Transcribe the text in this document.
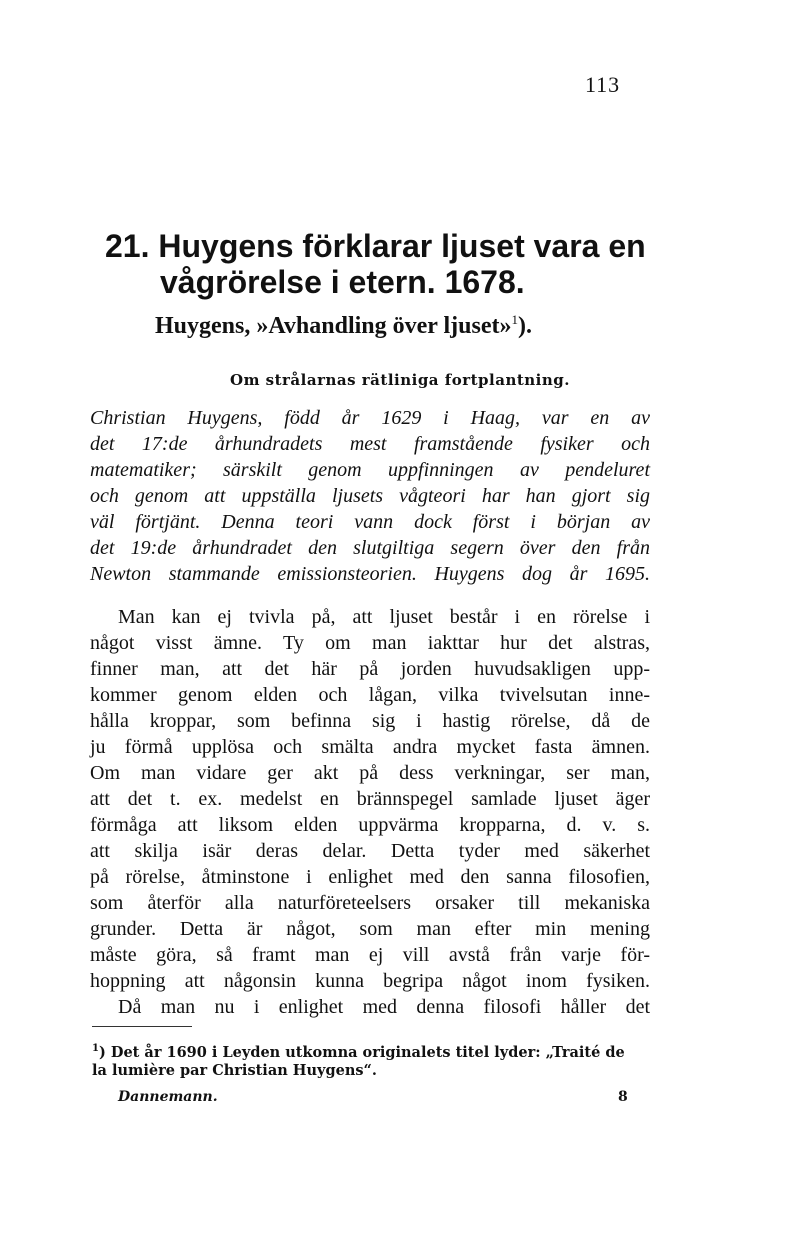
113
21. Huygens förklarar ljuset vara en
vågrörelse i etern. 1678.
Huygens, »Avhandling över ljuset»$^1$).
Om strålarnas rätliniga fortplantning.
Christian Huygens, född år 1629 i Haag, var en av
det 17:de århundradets mest framstående fysiker och
matematiker; särskilt genom uppfinningen av pendeluret
och genom att uppställa ljusets vågteori har han gjort sig
väl förtjänt. Denna teori vann dock först i början av
det 19:de århundradet den slutgiltiga segern över den från
Newton stammande emissionsteorien. Huygens dog år 1695.
Man kan ej tvivla på, att ljuset består i en rörelse i
något visst ämne. Ty om man iakttar hur det alstras,
finner man, att det här på jorden huvudsakligen upp-
kommer genom elden och lågan, vilka tvivelsutan inne-
hålla kroppar, som befinna sig i hastig rörelse, då de
ju förmå upplösa och smälta andra mycket fasta ämnen.
Om man vidare ger akt på dess verkningar, ser man,
att det t. ex. medelst en brännspegel samlade ljuset äger
förmåga att liksom elden uppvärma kropparna, d. v. s.
att skilja isär deras delar. Detta tyder med säkerhet
på rörelse, åtminstone i enlighet med den sanna filosofien,
som återför alla naturföreteelsers orsaker till mekaniska
grunder. Detta är något, som man efter min mening
måste göra, så framt man ej vill avstå från varje för-
hoppning att någonsin kunna begripa något inom fysiken.
Då man nu i enlighet med denna filosofi håller det
$^1$) Det år 1690 i Leyden utkomna originalets titel lyder: „Traité de
la lumière par Christian Huygens“.
Dannemann.	8
